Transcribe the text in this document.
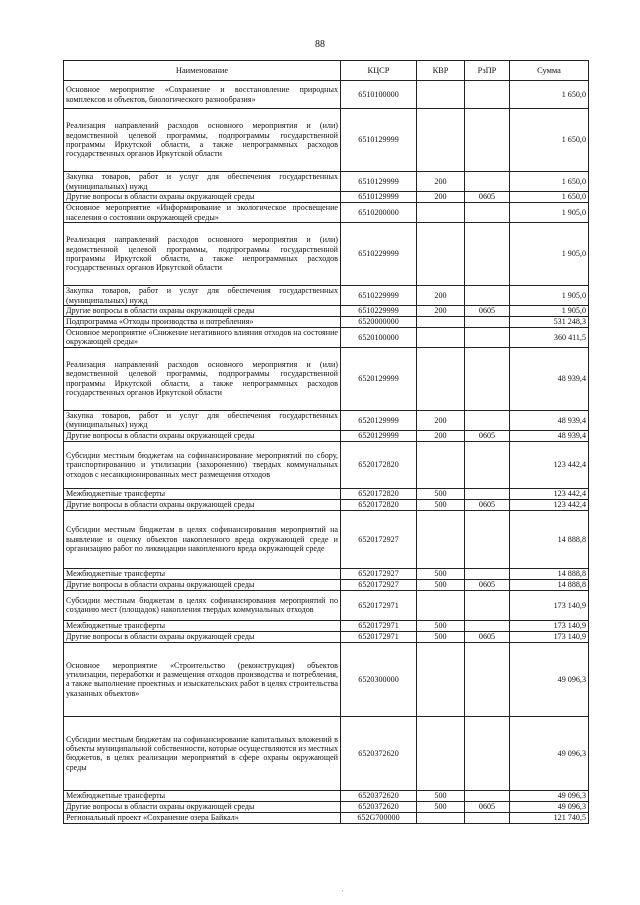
88
Наименование	КЦСР	КВР	РзПР	Сумма
Основное мероприятие «Сохранение и восстановление природных комплексов и объектов, биологического разнообразия»	6510100000			1 650,0
Реализация направлений расходов основного мероприятия и (или) ведомственной целевой программы, подпрограммы государственной программы Иркутской области, а также непрограммных расходов государственных органов Иркутской области	6510129999			1 650,0
Закупка товаров, работ и услуг для обеспечения государственных (муниципальных) нужд	6510129999	200		1 650,0
Другие вопросы в области охраны окружающей среды	6510129999	200	0605	1 650,0
Основное мероприятие «Информирование и экологическое просвещение населения о состоянии окружающей среды»	6510200000			1 905,0
Реализация направлений расходов основного мероприятия и (или) ведомственной целевой программы, подпрограммы государственной программы Иркутской области, а также непрограммных расходов государственных органов Иркутской области	6510229999			1 905,0
Закупка товаров, работ и услуг для обеспечения государственных (муниципальных) нужд	6510229999	200		1 905,0
Другие вопросы в области охраны окружающей среды	6510229999	200	0605	1 905,0
Подпрограмма «Отходы производства и потребления»	6520000000			531 248,3
Основное мероприятие «Снижение негативного влияния отходов на состояние окружающей среды»	6520100000			360 411,5
Реализация направлений расходов основного мероприятия и (или) ведомственной целевой программы, подпрограммы государственной программы Иркутской области, а также непрограммных расходов государственных органов Иркутской области	6520129999			48 939,4
Закупка товаров, работ и услуг для обеспечения государственных (муниципальных) нужд	6520129999	200		48 939,4
Другие вопросы в области охраны окружающей среды	6520129999	200	0605	48 939,4
Субсидии местным бюджетам на софинансирование мероприятий по сбору, транспортированию и утилизации (захоронению) твердых коммунальных отходов с несанкционированных мест размещения отходов	6520172820			123 442,4
Межбюджетные трансферты	6520172820	500		123 442,4
Другие вопросы в области охраны окружающей среды	6520172820	500	0605	123 442,4
Субсидии местным бюджетам в целях софинансирования мероприятий на выявление и оценку объектов накопленного вреда окружающей среде и организацию работ по ликвидации накопленного вреда окружающей среде	6520172927			14 888,8
Межбюджетные трансферты	6520172927	500		14 888,8
Другие вопросы в области охраны окружающей среды	6520172927	500	0605	14 888,8
Субсидии местным бюджетам в целях софинансирования мероприятий по созданию мест (площадок) накопления твердых коммунальных отходов	6520172971			173 140,9
Межбюджетные трансферты	6520172971	500		173 140,9
Другие вопросы в области охраны окружающей среды	6520172971	500	0605	173 140,9
Основное мероприятие «Строительство (реконструкция) объектов утилизации, переработки и размещения отходов производства и потребления, а также выполнение проектных и изыскательских работ в целях строительства указанных объектов»	6520300000			49 096,3
Субсидии местным бюджетам на софинансирование капитальных вложений в объекты муниципальной собственности, которые осуществляются из местных бюджетов, в целях реализации мероприятий в сфере охраны окружающей среды	6520372620			49 096,3
Межбюджетные трансферты	6520372620	500		49 096,3
Другие вопросы в области охраны окружающей среды	6520372620	500	0605	49 096,3
Региональный проект «Сохранение озера Байкал»	652G700000			121 740,5
'
